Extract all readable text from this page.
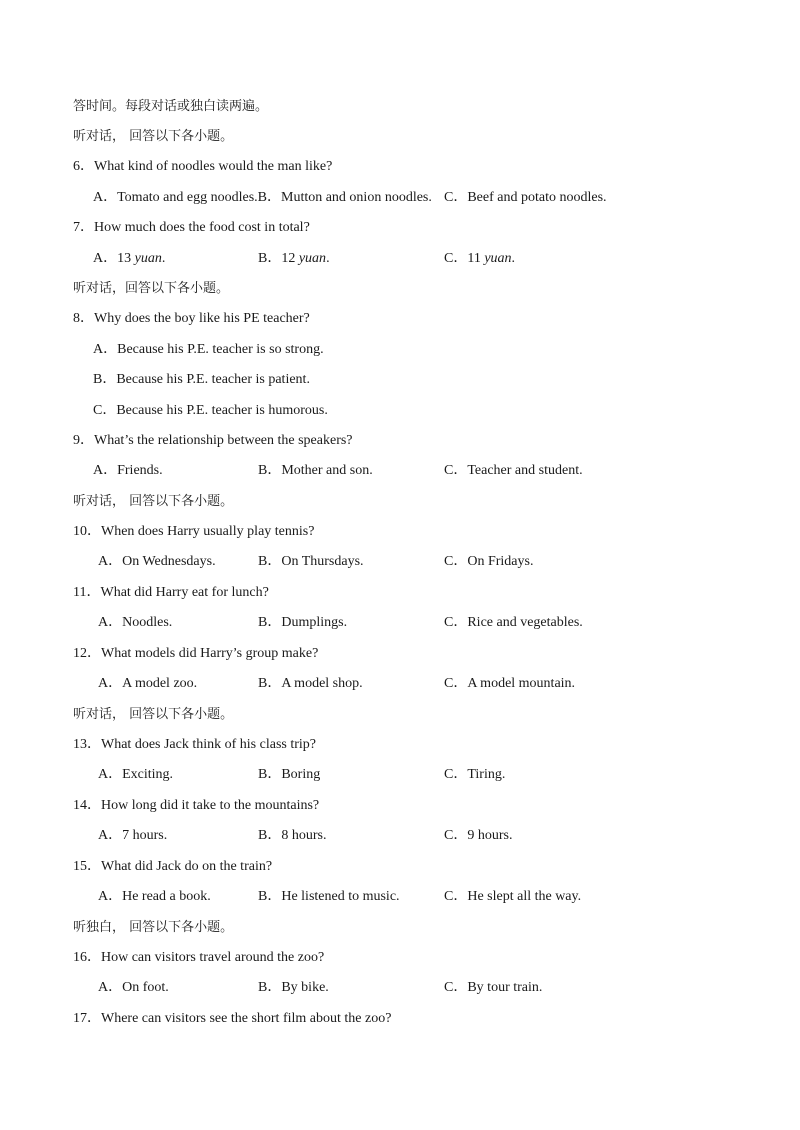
答时间。每段对话或独白读两遍。
听对话， 回答以下各小题。
6．What kind of noodles would the man like?
A．Tomato and egg noodles.B．Mutton and onion noodles. C．Beef and potato noodles.
7．How much does the food cost in total?
A．13 yuan.	B．12 yuan.	C．11 yuan.
听对话，回答以下各小题。
8．Why does the boy like his PE teacher?
A．Because his P.E. teacher is so strong.
B．Because his P.E. teacher is patient.
C．Because his P.E. teacher is humorous.
9．What’s the relationship between the speakers?
A．Friends.	B．Mother and son.	C．Teacher and student.
听对话， 回答以下各小题。
10．When does Harry usually play tennis?
A．On Wednesdays.	B．On Thursdays.	C．On Fridays.
11．What did Harry eat for lunch?
A．Noodles.	B．Dumplings.	C．Rice and vegetables.
12．What models did Harry’s group make?
A．A model zoo.	B．A model shop.	C．A model mountain.
听对话， 回答以下各小题。
13．What does Jack think of his class trip?
A．Exciting.	B．Boring	C．Tiring.
14．How long did it take to the mountains?
A．7 hours.	B．8 hours.	C．9 hours.
15．What did Jack do on the train?
A．He read a book.	B．He listened to music.	C．He slept all the way.
听独白， 回答以下各小题。
16．How can visitors travel around the zoo?
A．On foot.	B．By bike.	C．By tour train.
17．Where can visitors see the short film about the zoo?
